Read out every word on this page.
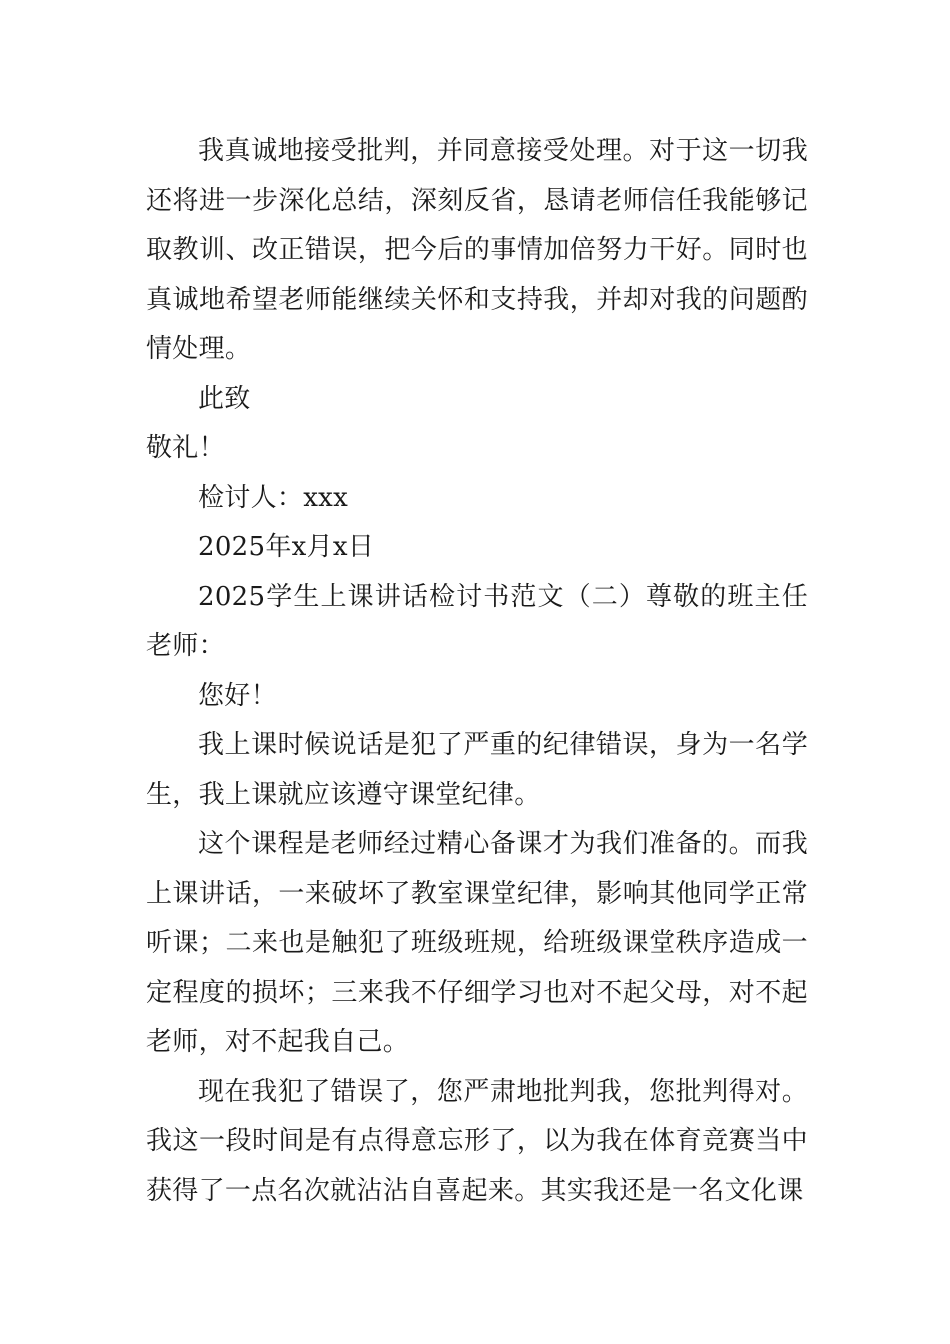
我真诚地接受批判，并同意接受处理。对于这一切我还将进一步深化总结，深刻反省，恳请老师信任我能够记取教训、改正错误，把今后的事情加倍努力干好。同时也真诚地希望老师能继续关怀和支持我，并却对我的问题酌情处理。

此致

敬礼！

检讨人：xxx

2025年x月x日

2025学生上课讲话检讨书范文（二）尊敬的班主任老师：

您好！

我上课时候说话是犯了严重的纪律错误，身为一名学生，我上课就应该遵守课堂纪律。

这个课程是老师经过精心备课才为我们准备的。而我上课讲话，一来破坏了教室课堂纪律，影响其他同学正常听课；二来也是触犯了班级班规，给班级课堂秩序造成一定程度的损坏；三来我不仔细学习也对不起父母，对不起老师，对不起我自己。

现在我犯了错误了，您严肃地批判我，您批判得对。我这一段时间是有点得意忘形了，以为我在体育竞赛当中获得了一点名次就沾沾自喜起来。其实我还是一名文化课
